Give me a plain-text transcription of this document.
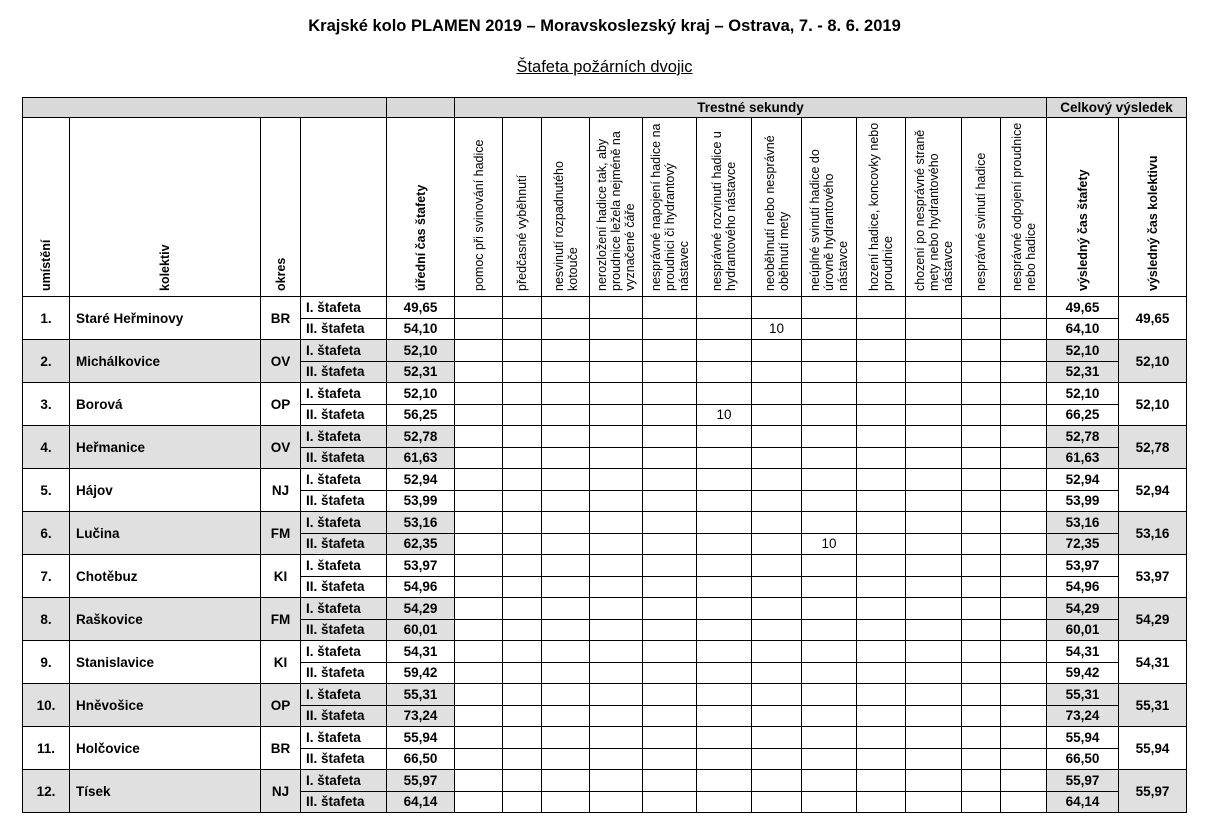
Krajské kolo PLAMEN 2019 – Moravskoslezský kraj – Ostrava, 7. - 8. 6. 2019
Štafeta požárních dvojic
					Trestné sekundy												Celkový výsledek	

umístění	kolektiv	okres		úřední čas štafety	pomoc při svinování hadice	předčasné vyběhnutí	nesvinutí rozpadnutého kotouče	nerozložení hadice tak, aby proudnice ležela nejméně na vyznačené čáře	nesprávné napojení hadice na proudnici či hydrantový nástavec	nesprávné rozvinutí hadice u hydrantového nástavce	neoběhnutí nebo nesprávné oběhnutí mety	neúplné svinutí hadice do úrovně hydrantového nástavce	hození hadice, koncovky nebo proudnice	chození po nesprávné straně mety nebo hydrantového nástavce	nesprávné svinutí hadice	nesprávné odpojení proudnice nebo hadice	výsledný čas štafety	výsledný čas kolektivu

1.	Staré Heřminovy	BR	I. štafeta	49,65													49,65	49,65
			II. štafeta	54,10							10						64,10	
2.	Michálkovice	OV	I. štafeta	52,10													52,10	52,10
			II. štafeta	52,31													52,31	
3.	Borová	OP	I. štafeta	52,10													52,10	52,10
			II. štafeta	56,25						10							66,25	
4.	Heřmanice	OV	I. štafeta	52,78													52,78	52,78
			II. štafeta	61,63													61,63	
5.	Hájov	NJ	I. štafeta	52,94													52,94	52,94
			II. štafeta	53,99													53,99	
6.	Lučina	FM	I. štafeta	53,16													53,16	53,16
			II. štafeta	62,35								10					72,35	
7.	Chotěbuz	KI	I. štafeta	53,97													53,97	53,97
			II. štafeta	54,96													54,96	
8.	Raškovice	FM	I. štafeta	54,29													54,29	54,29
			II. štafeta	60,01													60,01	
9.	Stanislavice	KI	I. štafeta	54,31													54,31	54,31
			II. štafeta	59,42													59,42	
10.	Hněvošice	OP	I. štafeta	55,31													55,31	55,31
			II. štafeta	73,24													73,24	
11.	Holčovice	BR	I. štafeta	55,94													55,94	55,94
			II. štafeta	66,50													66,50	
12.	Tísek	NJ	I. štafeta	55,97													55,97	55,97
			II. štafeta	64,14													64,14	
